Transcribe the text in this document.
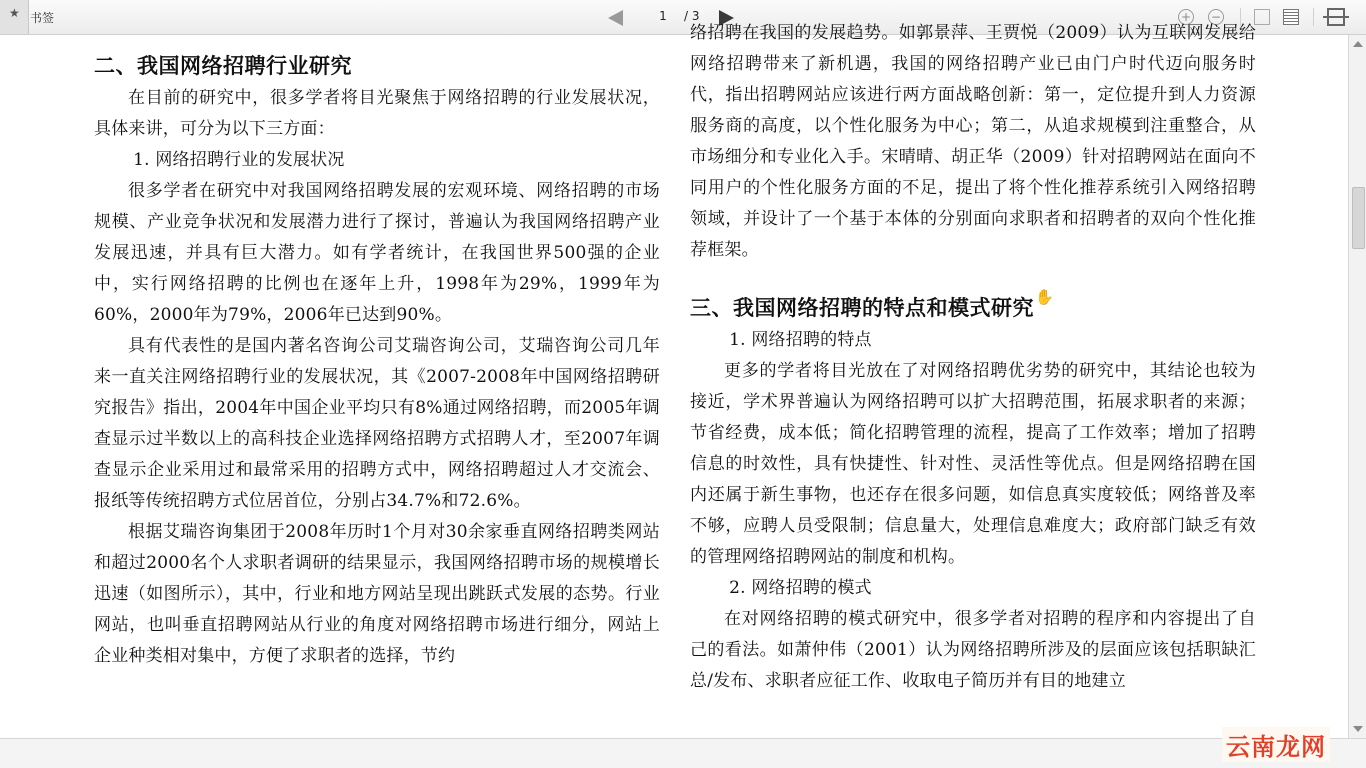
★ 书签	1	/ 3	+ −
二、我国网络招聘行业研究

在目前的研究中，很多学者将目光聚焦于网络招聘的行业发展状况，具体来讲，可分为以下三方面：

1. 网络招聘行业的发展状况

很多学者在研究中对我国网络招聘发展的宏观环境、网络招聘的市场规模、产业竞争状况和发展潜力进行了探讨，普遍认为我国网络招聘产业发展迅速，并具有巨大潜力。如有学者统计，在我国世界500强的企业中，实行网络招聘的比例也在逐年上升，1998年为29%，1999年为60%，2000年为79%，2006年已达到90%。

具有代表性的是国内著名咨询公司艾瑞咨询公司，艾瑞咨询公司几年来一直关注网络招聘行业的发展状况，其《2007-2008年中国网络招聘研究报告》指出，2004年中国企业平均只有8%通过网络招聘，而2005年调查显示过半数以上的高科技企业选择网络招聘方式招聘人才，至2007年调查显示企业采用过和最常采用的招聘方式中，网络招聘超过人才交流会、报纸等传统招聘方式位居首位，分别占34.7%和72.6%。

根据艾瑞咨询集团于2008年历时1个月对30余家垂直网络招聘类网站和超过2000名个人求职者调研的结果显示，我国网络招聘市场的规模增长迅速（如图所示），其中，行业和地方网站呈现出跳跃式发展的态势。行业网站，也叫垂直招聘网站从行业的角度对网络招聘市场进行细分，网站上企业种类相对集中，方便了求职者的选择，节约

络招聘在我国的发展趋势。如郭景萍、王贾悦（2009）认为互联网发展给网络招聘带来了新机遇，我国的网络招聘产业已由门户时代迈向服务时代，指出招聘网站应该进行两方面战略创新：第一，定位提升到人力资源服务商的高度，以个性化服务为中心；第二，从追求规模到注重整合，从市场细分和专业化入手。宋晴晴、胡正华（2009）针对招聘网站在面向不同用户的个性化服务方面的不足，提出了将个性化推荐系统引入网络招聘领域，并设计了一个基于本体的分别面向求职者和招聘者的双向个性化推荐框架。

三、我国网络招聘的特点和模式研究

1. 网络招聘的特点

更多的学者将目光放在了对网络招聘优劣势的研究中，其结论也较为接近，学术界普遍认为网络招聘可以扩大招聘范围，拓展求职者的来源；节省经费，成本低；简化招聘管理的流程，提高了工作效率；增加了招聘信息的时效性，具有快捷性、针对性、灵活性等优点。但是网络招聘在国内还属于新生事物，也还存在很多问题，如信息真实度较低；网络普及率不够，应聘人员受限制；信息量大，处理信息难度大；政府部门缺乏有效的管理网络招聘网站的制度和机构。

2. 网络招聘的模式

在对网络招聘的模式研究中，很多学者对招聘的程序和内容提出了自己的看法。如萧仲伟（2001）认为网络招聘所涉及的层面应该包括职缺汇总/发布、求职者应征工作、收取电子简历并有目的地建立

✋
云南龙网
